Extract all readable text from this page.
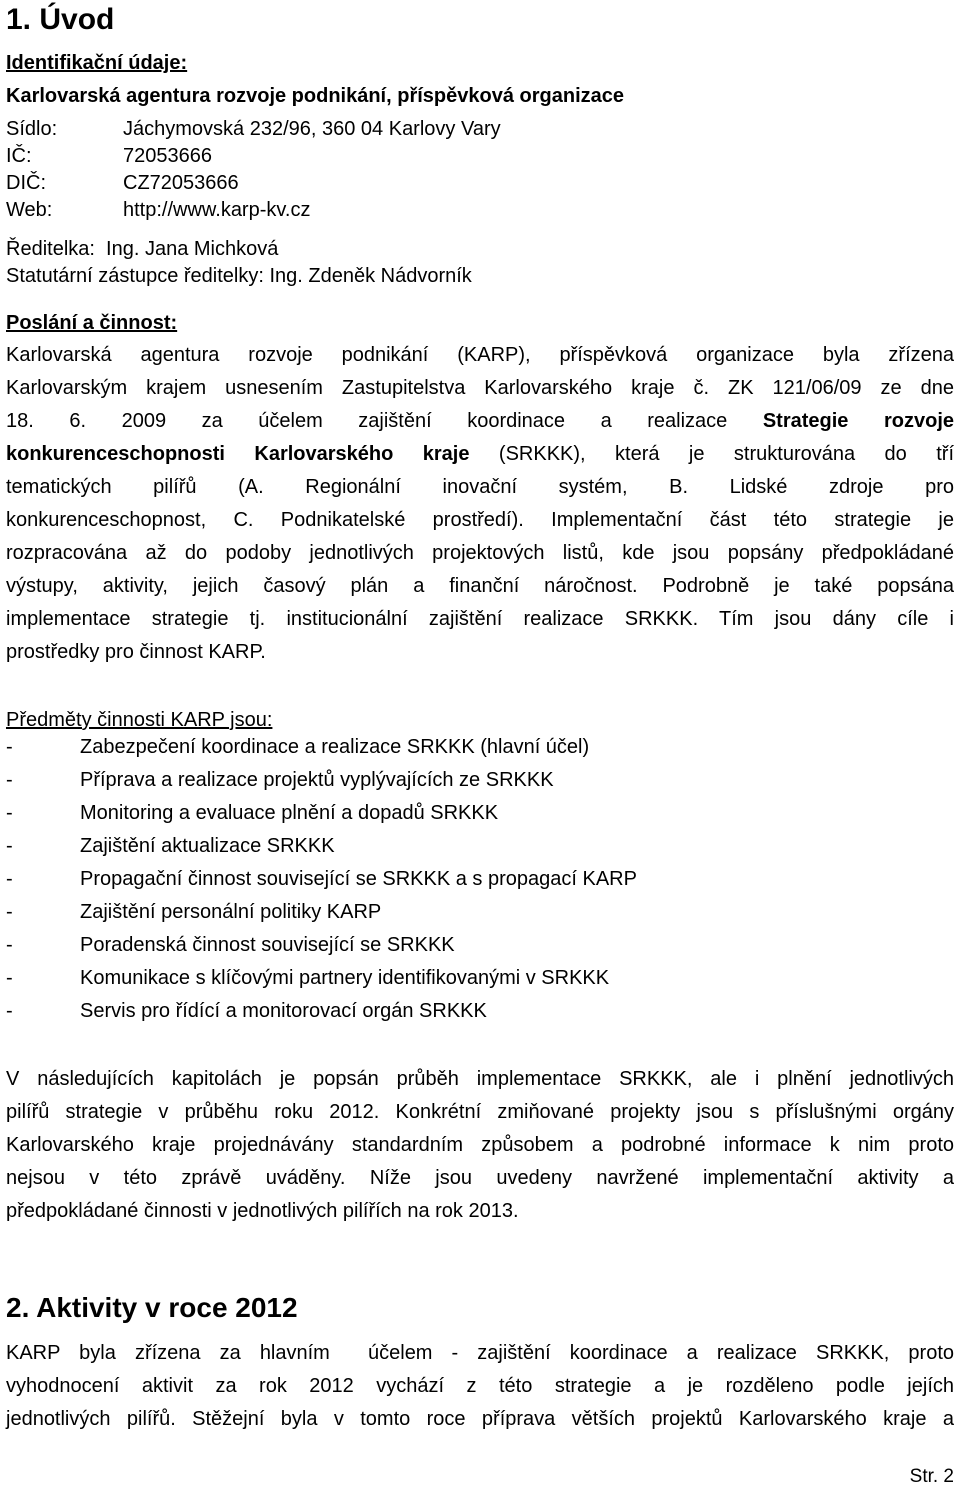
1. Úvod
Identifikační údaje:
Karlovarská agentura rozvoje podnikání, příspěvková organizace
Sídlo:	Jáchymovská 232/96, 360 04 Karlovy Vary
IČ:	72053666
DIČ:	CZ72053666
Web:	http://www.karp-kv.cz
Ředitelka:  Ing. Jana Michková
Statutární zástupce ředitelky: Ing. Zdeněk Nádvorník
Poslání a činnost:
Karlovarská agentura rozvoje podnikání (KARP), příspěvková organizace byla zřízena
Karlovarským krajem usnesením Zastupitelstva Karlovarského kraje č. ZK 121/06/09 ze dne
18. 6. 2009 za účelem zajištění koordinace a realizace Strategie rozvoje
konkurenceschopnosti Karlovarského kraje (SRKKK), která je strukturována do tří
tematických pilířů (A. Regionální inovační systém, B. Lidské zdroje pro
konkurenceschopnost, C. Podnikatelské prostředí). Implementační část této strategie je
rozpracována až do podoby jednotlivých projektových listů, kde jsou popsány předpokládané
výstupy, aktivity, jejich časový plán a finanční náročnost. Podrobně je také popsána
implementace strategie tj. institucionální zajištění realizace SRKKK. Tím jsou dány cíle i
prostředky pro činnost KARP.
Předměty činnosti KARP jsou:
-	Zabezpečení koordinace a realizace SRKKK (hlavní účel)
-	Příprava a realizace projektů vyplývajících ze SRKKK
-	Monitoring a evaluace plnění a dopadů SRKKK
-	Zajištění aktualizace SRKKK
-	Propagační činnost související se SRKKK a s propagací KARP
-	Zajištění personální politiky KARP
-	Poradenská činnost související se SRKKK
-	Komunikace s klíčovými partnery identifikovanými v SRKKK
-	Servis pro řídící a monitorovací orgán SRKKK
V následujících kapitolách je popsán průběh implementace SRKKK, ale i plnění jednotlivých
pilířů strategie v průběhu roku 2012. Konkrétní zmiňované projekty jsou s příslušnými orgány
Karlovarského kraje projednávány standardním způsobem a podrobné informace k nim proto
nejsou v této zprávě uváděny. Níže jsou uvedeny navržené implementační aktivity a
předpokládané činnosti v jednotlivých pilířích na rok 2013.
2. Aktivity v roce 2012
KARP byla zřízena za hlavním  účelem - zajištění koordinace a realizace SRKKK, proto
vyhodnocení aktivit za rok 2012 vychází z této strategie a je rozděleno podle jejích
jednotlivých pilířů. Stěžejní byla v tomto roce příprava větších projektů Karlovarského kraje a
Str. 2
